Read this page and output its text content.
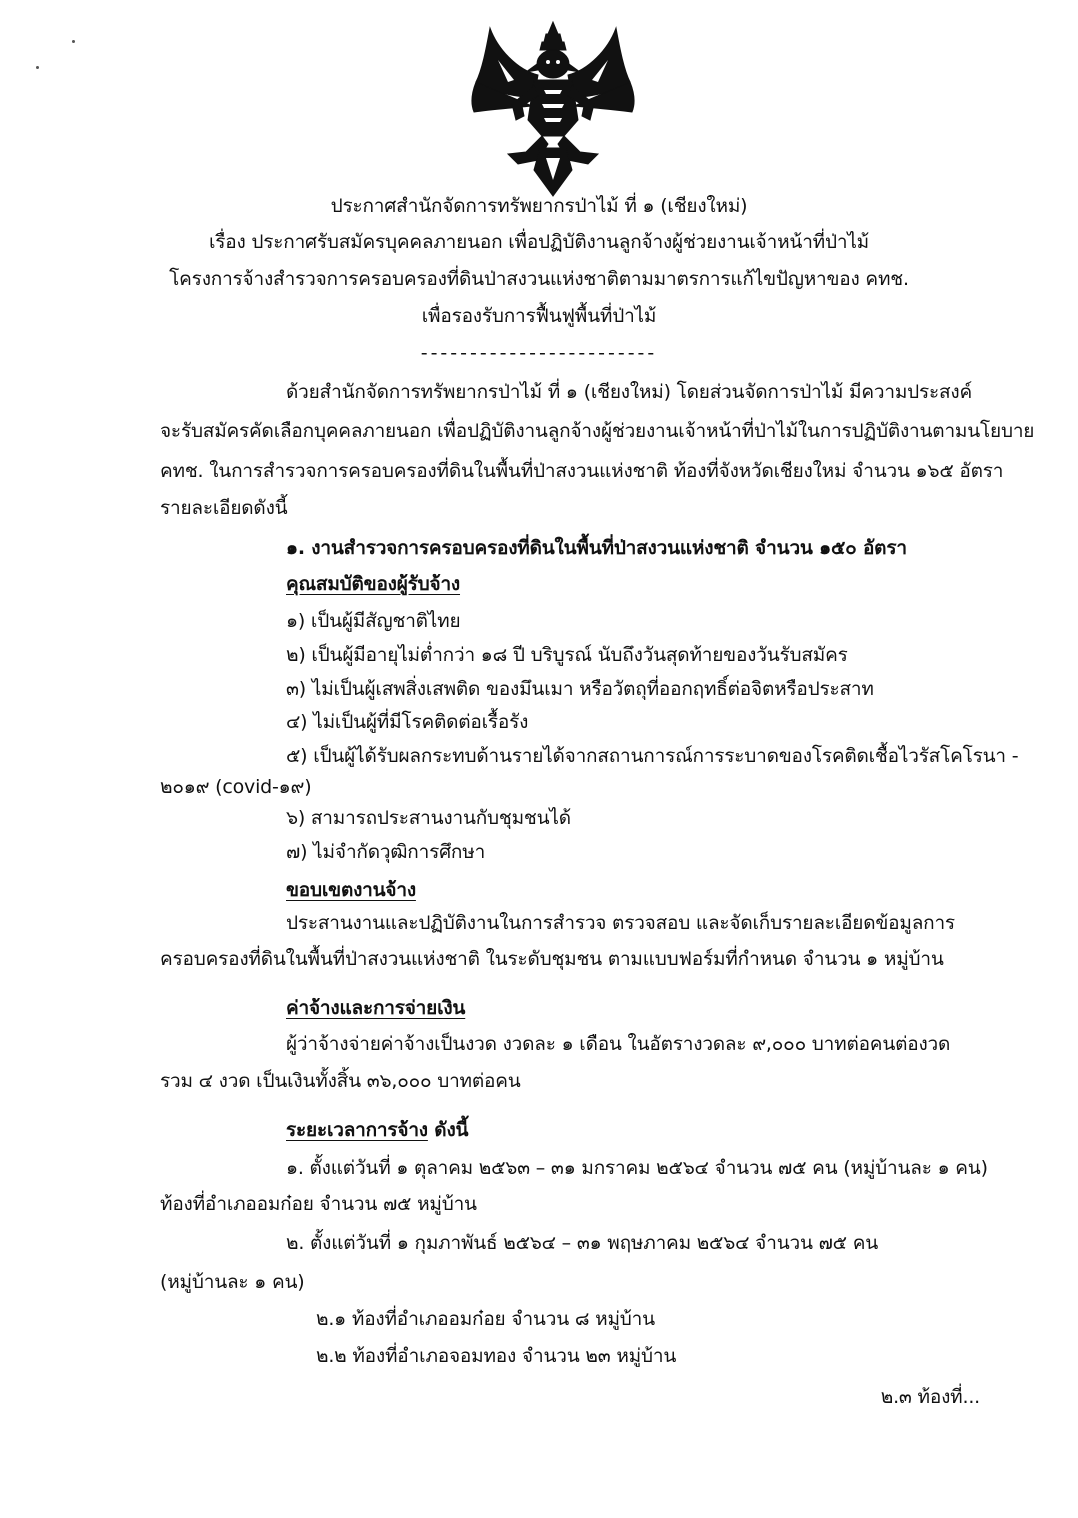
ประกาศสำนักจัดการทรัพยากรป่าไม้ ที่ ๑ (เชียงใหม่)
เรื่อง ประกาศรับสมัครบุคคลภายนอก เพื่อปฏิบัติงานลูกจ้างผู้ช่วยงานเจ้าหน้าที่ป่าไม้
โครงการจ้างสำรวจการครอบครองที่ดินป่าสงวนแห่งชาติตามมาตรการแก้ไขปัญหาของ คทช.
เพื่อรองรับการฟื้นฟูพื้นที่ป่าไม้
------------------------
ด้วยสำนักจัดการทรัพยากรป่าไม้ ที่ ๑ (เชียงใหม่) โดยส่วนจัดการป่าไม้ มีความประสงค์
จะรับสมัครคัดเลือกบุคคลภายนอก เพื่อปฏิบัติงานลูกจ้างผู้ช่วยงานเจ้าหน้าที่ป่าไม้ในการปฏิบัติงานตามนโยบาย
คทช. ในการสำรวจการครอบครองที่ดินในพื้นที่ป่าสงวนแห่งชาติ ท้องที่จังหวัดเชียงใหม่ จำนวน ๑๖๕ อัตรา
รายละเอียดดังนี้
๑. งานสำรวจการครอบครองที่ดินในพื้นที่ป่าสงวนแห่งชาติ จำนวน ๑๕๐ อัตรา
คุณสมบัติของผู้รับจ้าง
๑) เป็นผู้มีสัญชาติไทย
๒) เป็นผู้มีอายุไม่ต่ำกว่า ๑๘ ปี บริบูรณ์ นับถึงวันสุดท้ายของวันรับสมัคร
๓) ไม่เป็นผู้เสพสิ่งเสพติด ของมึนเมา หรือวัตถุที่ออกฤทธิ์ต่อจิตหรือประสาท
๔) ไม่เป็นผู้ที่มีโรคติดต่อเรื้อรัง
๕) เป็นผู้ได้รับผลกระทบด้านรายได้จากสถานการณ์การระบาดของโรคติดเชื้อไวรัสโคโรนา -
๒๐๑๙ (covid-๑๙)
๖) สามารถประสานงานกับชุมชนได้
๗) ไม่จำกัดวุฒิการศึกษา
ขอบเขตงานจ้าง
ประสานงานและปฏิบัติงานในการสำรวจ ตรวจสอบ และจัดเก็บรายละเอียดข้อมูลการ
ครอบครองที่ดินในพื้นที่ป่าสงวนแห่งชาติ ในระดับชุมชน ตามแบบฟอร์มที่กำหนด จำนวน ๑ หมู่บ้าน
ค่าจ้างและการจ่ายเงิน
ผู้ว่าจ้างจ่ายค่าจ้างเป็นงวด งวดละ ๑ เดือน ในอัตรางวดละ ๙,๐๐๐ บาทต่อคนต่องวด
รวม ๔ งวด เป็นเงินทั้งสิ้น ๓๖,๐๐๐ บาทต่อคน
ระยะเวลาการจ้าง ดังนี้
๑. ตั้งแต่วันที่ ๑ ตุลาคม ๒๕๖๓ – ๓๑ มกราคม ๒๕๖๔ จำนวน ๗๕ คน (หมู่บ้านละ ๑ คน)
ท้องที่อำเภออมก๋อย จำนวน ๗๕ หมู่บ้าน
๒. ตั้งแต่วันที่ ๑ กุมภาพันธ์ ๒๕๖๔ – ๓๑ พฤษภาคม ๒๕๖๔ จำนวน ๗๕ คน
(หมู่บ้านละ ๑ คน)
๒.๑ ท้องที่อำเภออมก๋อย จำนวน ๘ หมู่บ้าน
๒.๒ ท้องที่อำเภอจอมทอง จำนวน ๒๓ หมู่บ้าน
๒.๓ ท้องที่...
